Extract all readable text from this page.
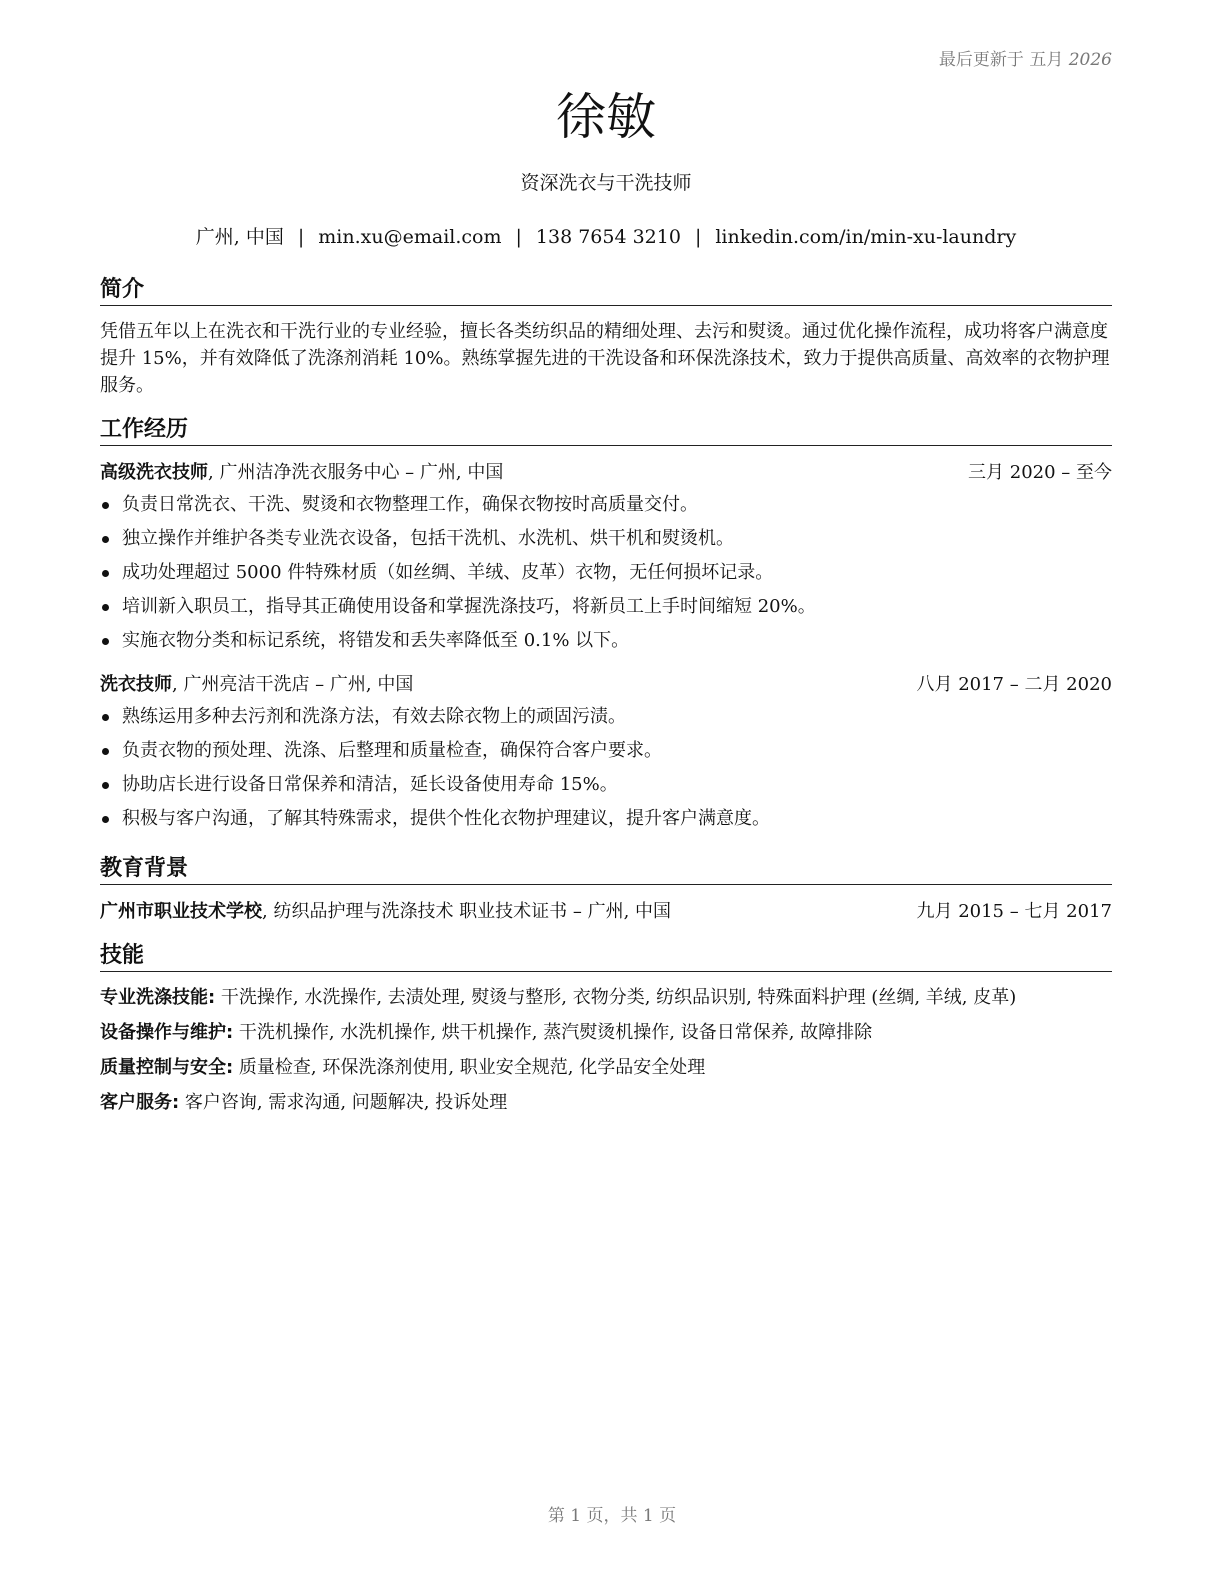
最后更新于 五月 2026
徐敏
资深洗衣与干洗技师
广州, 中国 | min.xu@email.com | 138 7654 3210 | linkedin.com/in/min-xu-laundry
简介
凭借五年以上在洗衣和干洗行业的专业经验，擅长各类纺织品的精细处理、去污和熨烫。通过优化操作流程，成功将客户满意度提升 15%，并有效降低了洗涤剂消耗 10%。熟练掌握先进的干洗设备和环保洗涤技术，致力于提供高质量、高效率的衣物护理服务。
工作经历
高级洗衣技师, 广州洁净洗衣服务中心 – 广州, 中国	三月 2020 – 至今
负责日常洗衣、干洗、熨烫和衣物整理工作，确保衣物按时高质量交付。
独立操作并维护各类专业洗衣设备，包括干洗机、水洗机、烘干机和熨烫机。
成功处理超过 5000 件特殊材质（如丝绸、羊绒、皮革）衣物，无任何损坏记录。
培训新入职员工，指导其正确使用设备和掌握洗涤技巧，将新员工上手时间缩短 20%。
实施衣物分类和标记系统，将错发和丢失率降低至 0.1% 以下。
洗衣技师, 广州亮洁干洗店 – 广州, 中国	八月 2017 – 二月 2020
熟练运用多种去污剂和洗涤方法，有效去除衣物上的顽固污渍。
负责衣物的预处理、洗涤、后整理和质量检查，确保符合客户要求。
协助店长进行设备日常保养和清洁，延长设备使用寿命 15%。
积极与客户沟通，了解其特殊需求，提供个性化衣物护理建议，提升客户满意度。
教育背景
广州市职业技术学校, 纺织品护理与洗涤技术 职业技术证书 – 广州, 中国	九月 2015 – 七月 2017
技能
专业洗涤技能: 干洗操作, 水洗操作, 去渍处理, 熨烫与整形, 衣物分类, 纺织品识别, 特殊面料护理 (丝绸, 羊绒, 皮革)
设备操作与维护: 干洗机操作, 水洗机操作, 烘干机操作, 蒸汽熨烫机操作, 设备日常保养, 故障排除
质量控制与安全: 质量检查, 环保洗涤剂使用, 职业安全规范, 化学品安全处理
客户服务: 客户咨询, 需求沟通, 问题解决, 投诉处理
第 1 页，共 1 页
